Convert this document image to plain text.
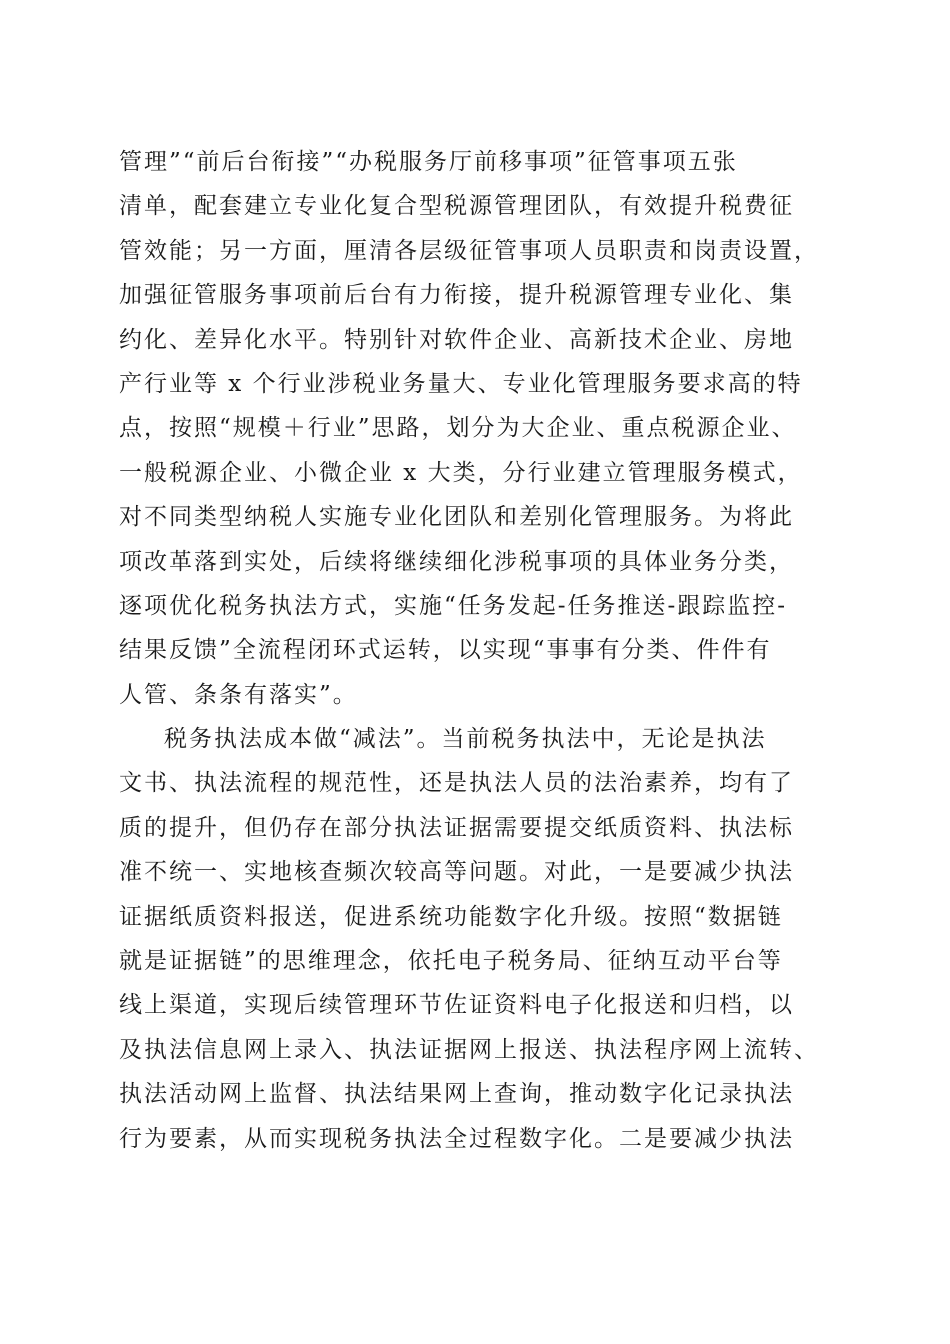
管理”“前后台衔接”“办税服务厅前移事项”征管事项五张
清单，配套建立专业化复合型税源管理团队，有效提升税费征
管效能；另一方面，厘清各层级征管事项人员职责和岗责设置，
加强征管服务事项前后台有力衔接，提升税源管理专业化、集
约化、差异化水平。特别针对软件企业、高新技术企业、房地
产行业等 x 个行业涉税业务量大、专业化管理服务要求高的特
点，按照“规模＋行业”思路，划分为大企业、重点税源企业、
一般税源企业、小微企业 x 大类，分行业建立管理服务模式，
对不同类型纳税人实施专业化团队和差别化管理服务。为将此
项改革落到实处，后续将继续细化涉税事项的具体业务分类，
逐项优化税务执法方式，实施“任务发起-任务推送-跟踪监控-
结果反馈”全流程闭环式运转，以实现“事事有分类、件件有
人管、条条有落实”。
税务执法成本做“减法”。当前税务执法中，无论是执法
文书、执法流程的规范性，还是执法人员的法治素养，均有了
质的提升，但仍存在部分执法证据需要提交纸质资料、执法标
准不统一、实地核查频次较高等问题。对此，一是要减少执法
证据纸质资料报送，促进系统功能数字化升级。按照“数据链
就是证据链”的思维理念，依托电子税务局、征纳互动平台等
线上渠道，实现后续管理环节佐证资料电子化报送和归档，以
及执法信息网上录入、执法证据网上报送、执法程序网上流转、
执法活动网上监督、执法结果网上查询，推动数字化记录执法
行为要素，从而实现税务执法全过程数字化。二是要减少执法
